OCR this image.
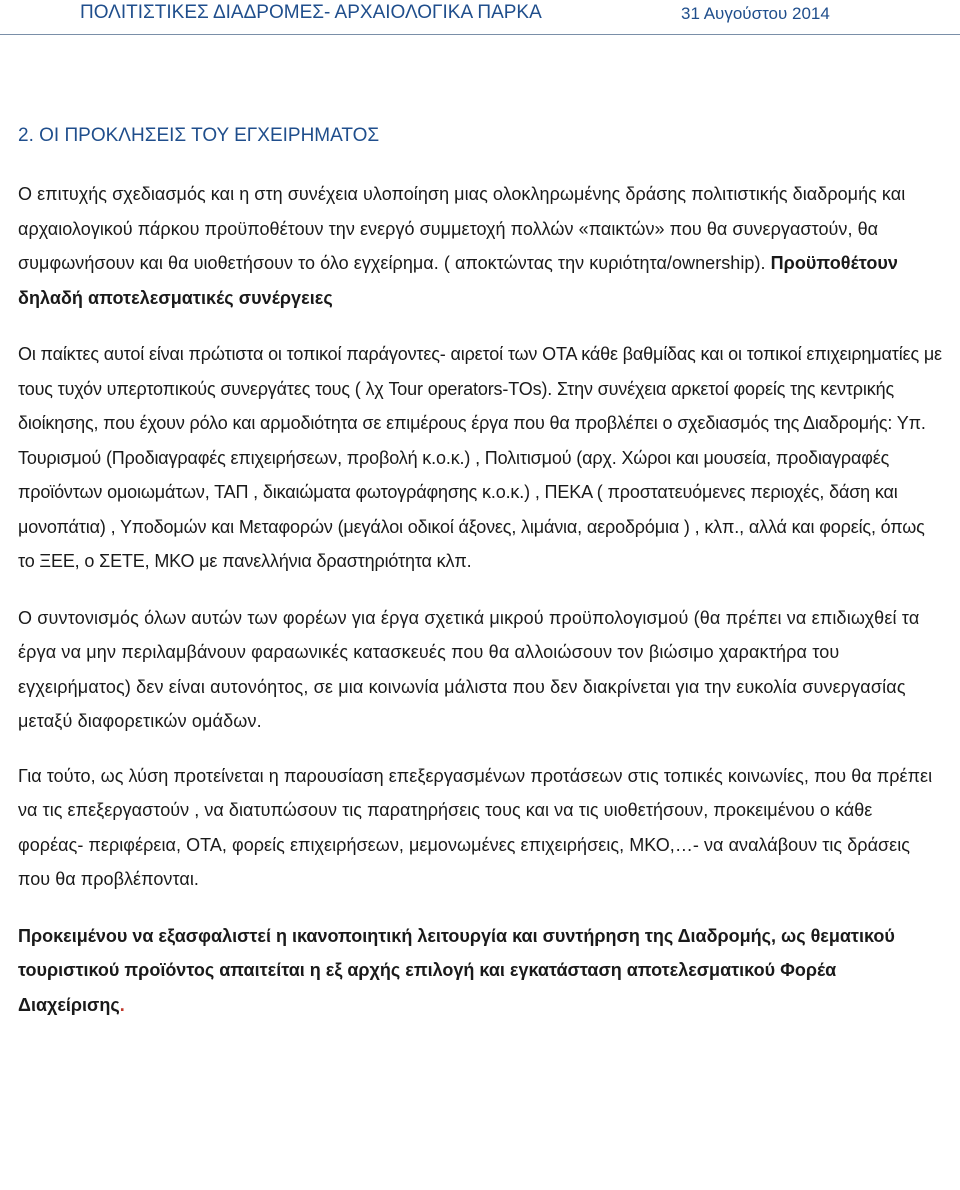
ΠΟΛΙΤΙΣΤΙΚΕΣ ΔΙΑΔΡΟΜΕΣ- ΑΡΧΑΙΟΛΟΓΙΚΑ ΠΑΡΚΑ	31 Αυγούστου 2014
2. ΟΙ ΠΡΟΚΛΗΣΕΙΣ ΤΟΥ ΕΓΧΕΙΡΗΜΑΤΟΣ

Ο επιτυχής σχεδιασμός και η στη συνέχεια υλοποίηση μιας ολοκληρωμένης δράσης πολιτιστικής διαδρομής και αρχαιολογικού πάρκου προϋποθέτουν την ενεργό συμμετοχή πολλών «παικτών» που θα συνεργαστούν, θα συμφωνήσουν και θα υιοθετήσουν το όλο εγχείρημα. ( αποκτώντας την κυριότητα/ownership). Προϋποθέτουν δηλαδή αποτελεσματικές συνέργειες

Οι παίκτες αυτοί είναι πρώτιστα οι τοπικοί παράγοντες- αιρετοί των ΟΤΑ κάθε βαθμίδας και οι τοπικοί επιχειρηματίες με τους τυχόν υπερτοπικούς συνεργάτες τους ( λχ Tour operators-TOs). Στην συνέχεια αρκετοί φορείς της κεντρικής διοίκησης, που έχουν ρόλο και αρμοδιότητα σε επιμέρους έργα που θα προβλέπει ο σχεδιασμός της Διαδρομής: Υπ. Τουρισμού (Προδιαγραφές επιχειρήσεων, προβολή κ.ο.κ.) , Πολιτισμού (αρχ. Χώροι και μουσεία, προδιαγραφές προϊόντων ομοιωμάτων, ΤΑΠ , δικαιώματα φωτογράφησης κ.ο.κ.) , ΠΕΚΑ ( προστατευόμενες περιοχές, δάση και μονοπάτια) , Υποδομών και Μεταφορών (μεγάλοι οδικοί άξονες, λιμάνια, αεροδρόμια ) , κλπ., αλλά και φορείς, όπως το ΞΕΕ, ο ΣΕΤΕ, ΜΚΟ με πανελλήνια δραστηριότητα κλπ.

Ο συντονισμός όλων αυτών των φορέων για έργα σχετικά μικρού προϋπολογισμού (θα πρέπει να επιδιωχθεί τα έργα να μην περιλαμβάνουν φαραωνικές κατασκευές που θα αλλοιώσουν τον βιώσιμο χαρακτήρα του εγχειρήματος) δεν είναι αυτονόητος, σε μια κοινωνία μάλιστα που δεν διακρίνεται για την ευκολία συνεργασίας μεταξύ διαφορετικών ομάδων.

Για τούτο, ως λύση προτείνεται η παρουσίαση επεξεργασμένων προτάσεων στις τοπικές κοινωνίες, που θα πρέπει να τις επεξεργαστούν , να διατυπώσουν τις παρατηρήσεις τους και να τις υιοθετήσουν, προκειμένου ο κάθε φορέας- περιφέρεια, ΟΤΑ, φορείς επιχειρήσεων, μεμονωμένες επιχειρήσεις, ΜΚΟ,…- να αναλάβουν τις δράσεις που θα προβλέπονται.

Προκειμένου να εξασφαλιστεί η ικανοποιητική λειτουργία και συντήρηση της Διαδρομής, ως θεματικού τουριστικού προϊόντος απαιτείται η εξ αρχής επιλογή και εγκατάσταση αποτελεσματικού Φορέα Διαχείρισης.
